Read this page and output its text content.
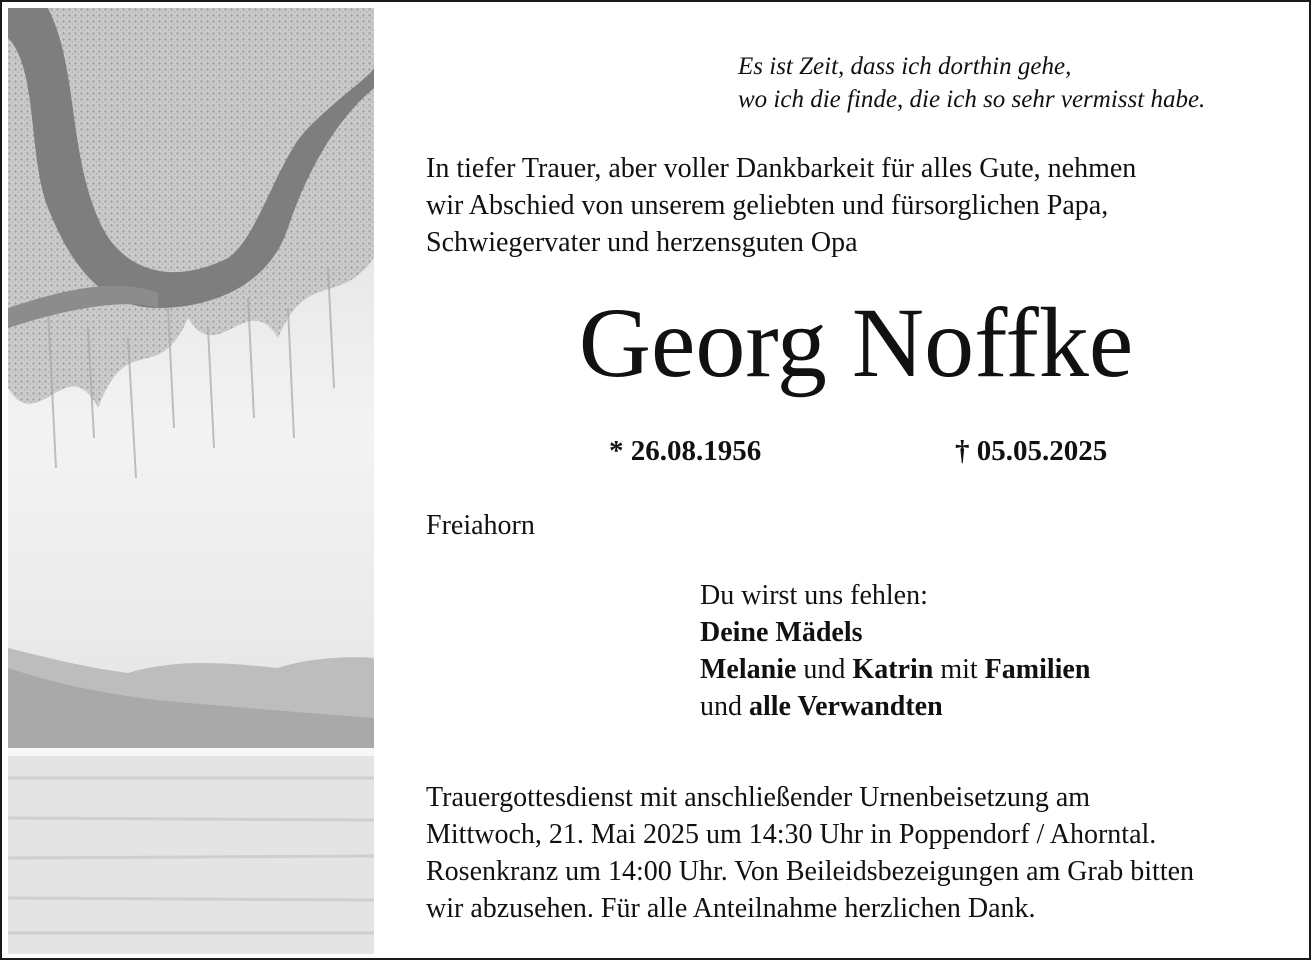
Es ist Zeit, dass ich dorthin gehe,
wo ich die finde, die ich so sehr vermisst habe.
In tiefer Trauer, aber voller Dankbarkeit für alles Gute, nehmen
wir Abschied von unserem geliebten und fürsorglichen Papa,
Schwiegervater und herzensguten Opa
Georg Noffke
* 26.08.1956	† 05.05.2025
Freiahorn
Du wirst uns fehlen:
Deine Mädels
Melanie und Katrin mit Familien
und alle Verwandten
Trauergottesdienst mit anschließender Urnenbeisetzung am
Mittwoch, 21. Mai 2025 um 14:30 Uhr in Poppendorf / Ahorntal.
Rosenkranz um 14:00 Uhr. Von Beileidsbezeigungen am Grab bitten
wir abzusehen. Für alle Anteilnahme herzlichen Dank.
